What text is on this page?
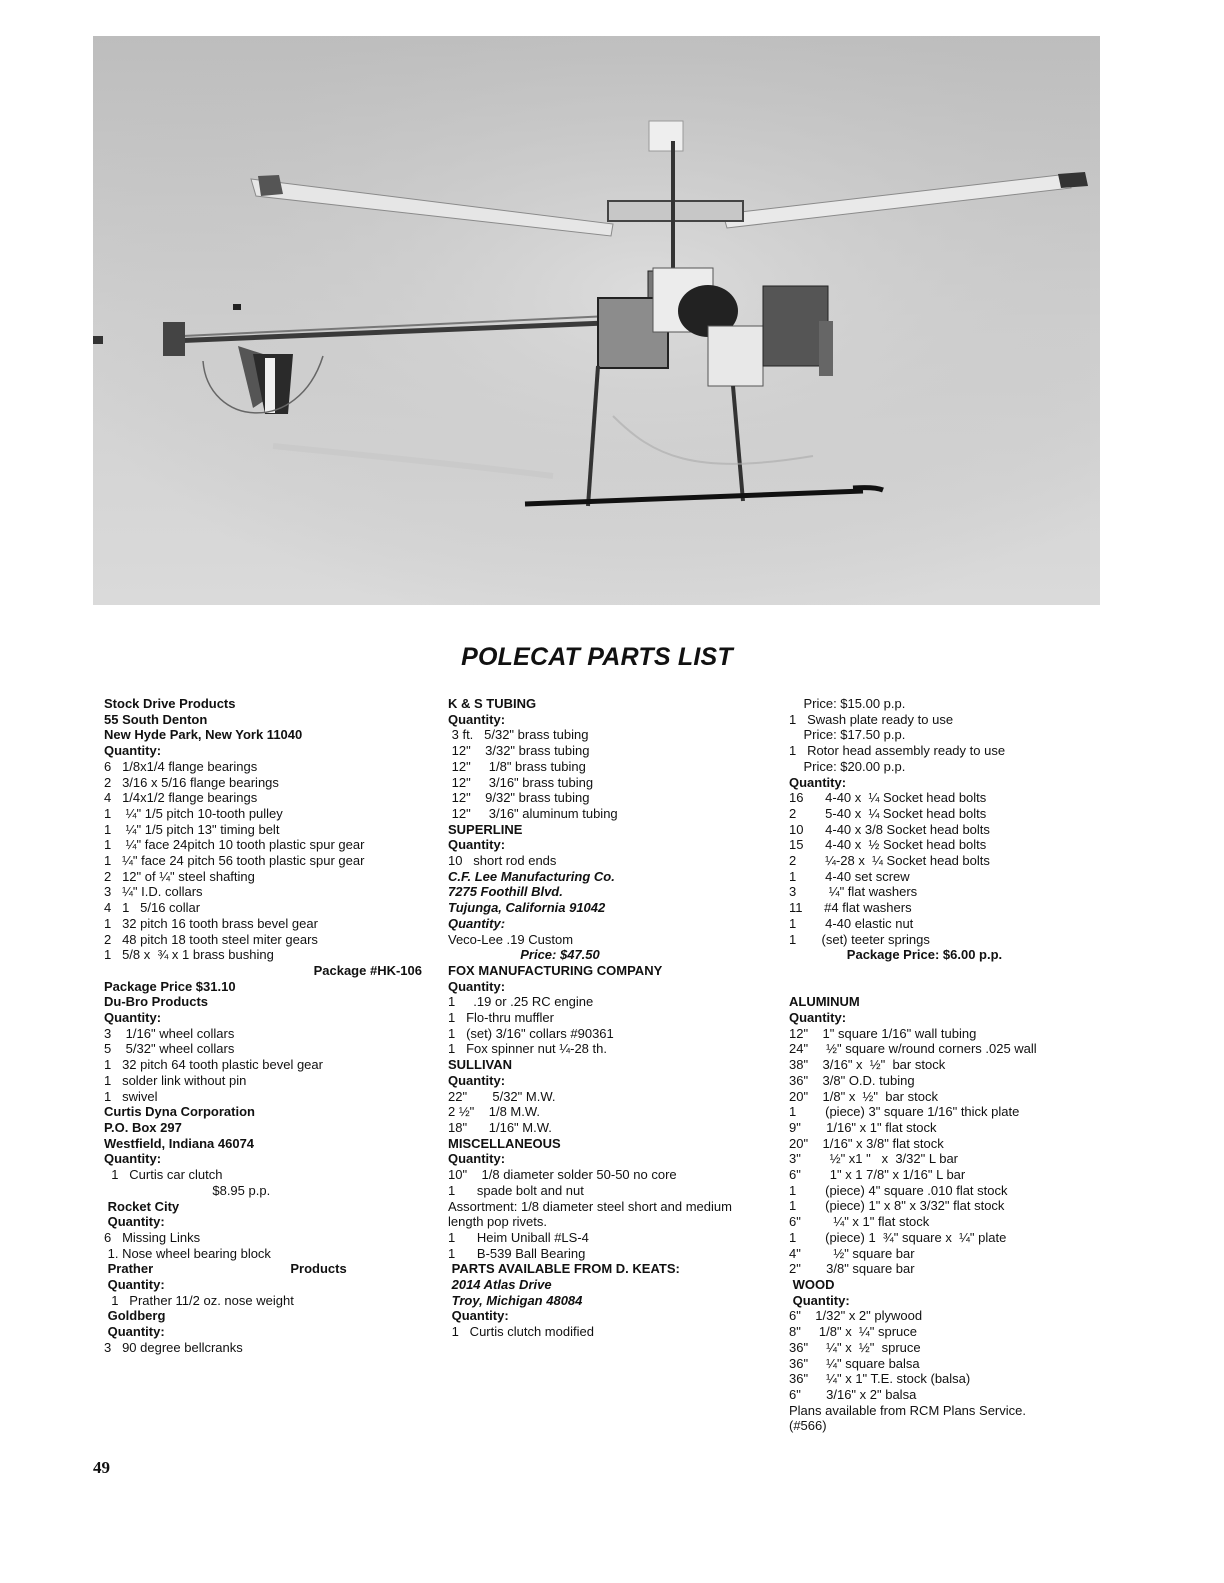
POLECAT PARTS LIST
Stock Drive Products
55 South Denton
New Hyde Park, New York 11040
Quantity:
6   1/8x1/4 flange bearings
2   3/16 x 5/16 flange bearings
4   1/4x1/2 flange bearings
1    ¼" 1/5 pitch 10-tooth pulley
1    ¼" 1/5 pitch 13" timing belt
1    ¼" face 24pitch 10 tooth plastic spur gear
1   ¼" face 24 pitch 56 tooth plastic spur gear
2   12" of ¼" steel shafting
3   ¼" I.D. collars
4   1   5/16 collar
1   32 pitch 16 tooth brass bevel gear
2   48 pitch 18 tooth steel miter gears
1   5/8 x  ¾ x 1 brass bushing
Package #HK-106
Package Price $31.10
Du-Bro Products
Quantity:
3    1/16" wheel collars
5    5/32" wheel collars
1   32 pitch 64 tooth plastic bevel gear
1   solder link without pin
1   swivel
Curtis Dyna Corporation
P.O. Box 297
Westfield, Indiana 46074
Quantity:
1   Curtis car clutch
$8.95 p.p.
Rocket City
Quantity:
6   Missing Links
1. Nose wheel bearing block
Prather                                      Products
Quantity:
1   Prather 11/2 oz. nose weight
Goldberg
Quantity:
3   90 degree bellcranks
K & S TUBING
Quantity:
3 ft.   5/32" brass tubing
12"    3/32" brass tubing
12"     1/8" brass tubing
12"     3/16" brass tubing
12"    9/32" brass tubing
12"     3/16" aluminum tubing
SUPERLINE
Quantity:
10   short rod ends
C.F. Lee Manufacturing Co.
7275 Foothill Blvd.
Tujunga, California 91042
Quantity:
Veco-Lee .19 Custom
Price: $47.50
FOX MANUFACTURING COMPANY
Quantity:
1     .19 or .25 RC engine
1   Flo-thru muffler
1   (set) 3/16" collars #90361
1   Fox spinner nut ¼-28 th.
SULLIVAN
Quantity:
22"       5/32" M.W.
2 ½"    1/8 M.W.
18"      1/16" M.W.
MISCELLANEOUS
Quantity:
10"    1/8 diameter solder 50-50 no core
1      spade bolt and nut
Assortment: 1/8 diameter steel short and medium length pop rivets.
1      Heim Uniball #LS-4
1      B-539 Ball Bearing
PARTS AVAILABLE FROM D. KEATS:
2014 Atlas Drive
Troy, Michigan 48084
Quantity:
1   Curtis clutch modified
Price: $15.00 p.p.
1   Swash plate ready to use
Price: $17.50 p.p.
1   Rotor head assembly ready to use
Price: $20.00 p.p.
Quantity:
16      4-40 x  ¼ Socket head bolts
2        5-40 x  ¼ Socket head bolts
10      4-40 x 3/8 Socket head bolts
15      4-40 x  ½ Socket head bolts
2        ¼-28 x  ¼ Socket head bolts
1        4-40 set screw
3         ¼" flat washers
11      #4 flat washers
1        4-40 elastic nut
1       (set) teeter springs
Package Price: $6.00 p.p.
ALUMINUM
Quantity:
12"    1" square 1/16" wall tubing
24"     ½" square w/round corners .025 wall
38"    3/16" x  ½"  bar stock
36"    3/8" O.D. tubing
20"    1/8" x  ½"  bar stock
1        (piece) 3" square 1/16" thick plate
9"       1/16" x 1" flat stock
20"    1/16" x 3/8" flat stock
3"        ½" x1 "   x  3/32" L bar
6"        1" x 1 7/8" x 1/16" L bar
1        (piece) 4" square .010 flat stock
1        (piece) 1" x 8" x 3/32" flat stock
6"         ¼" x 1" flat stock
1        (piece) 1  ¾" square x  ¼" plate
4"         ½" square bar
2"       3/8" square bar
WOOD
Quantity:
6"    1/32" x 2" plywood
8"     1/8" x  ¼" spruce
36"     ¼" x  ½"  spruce
36"     ¼" square balsa
36"     ¼" x 1" T.E. stock (balsa)
6"       3/16" x 2" balsa
Plans available from RCM Plans Service.
(#566)
49
